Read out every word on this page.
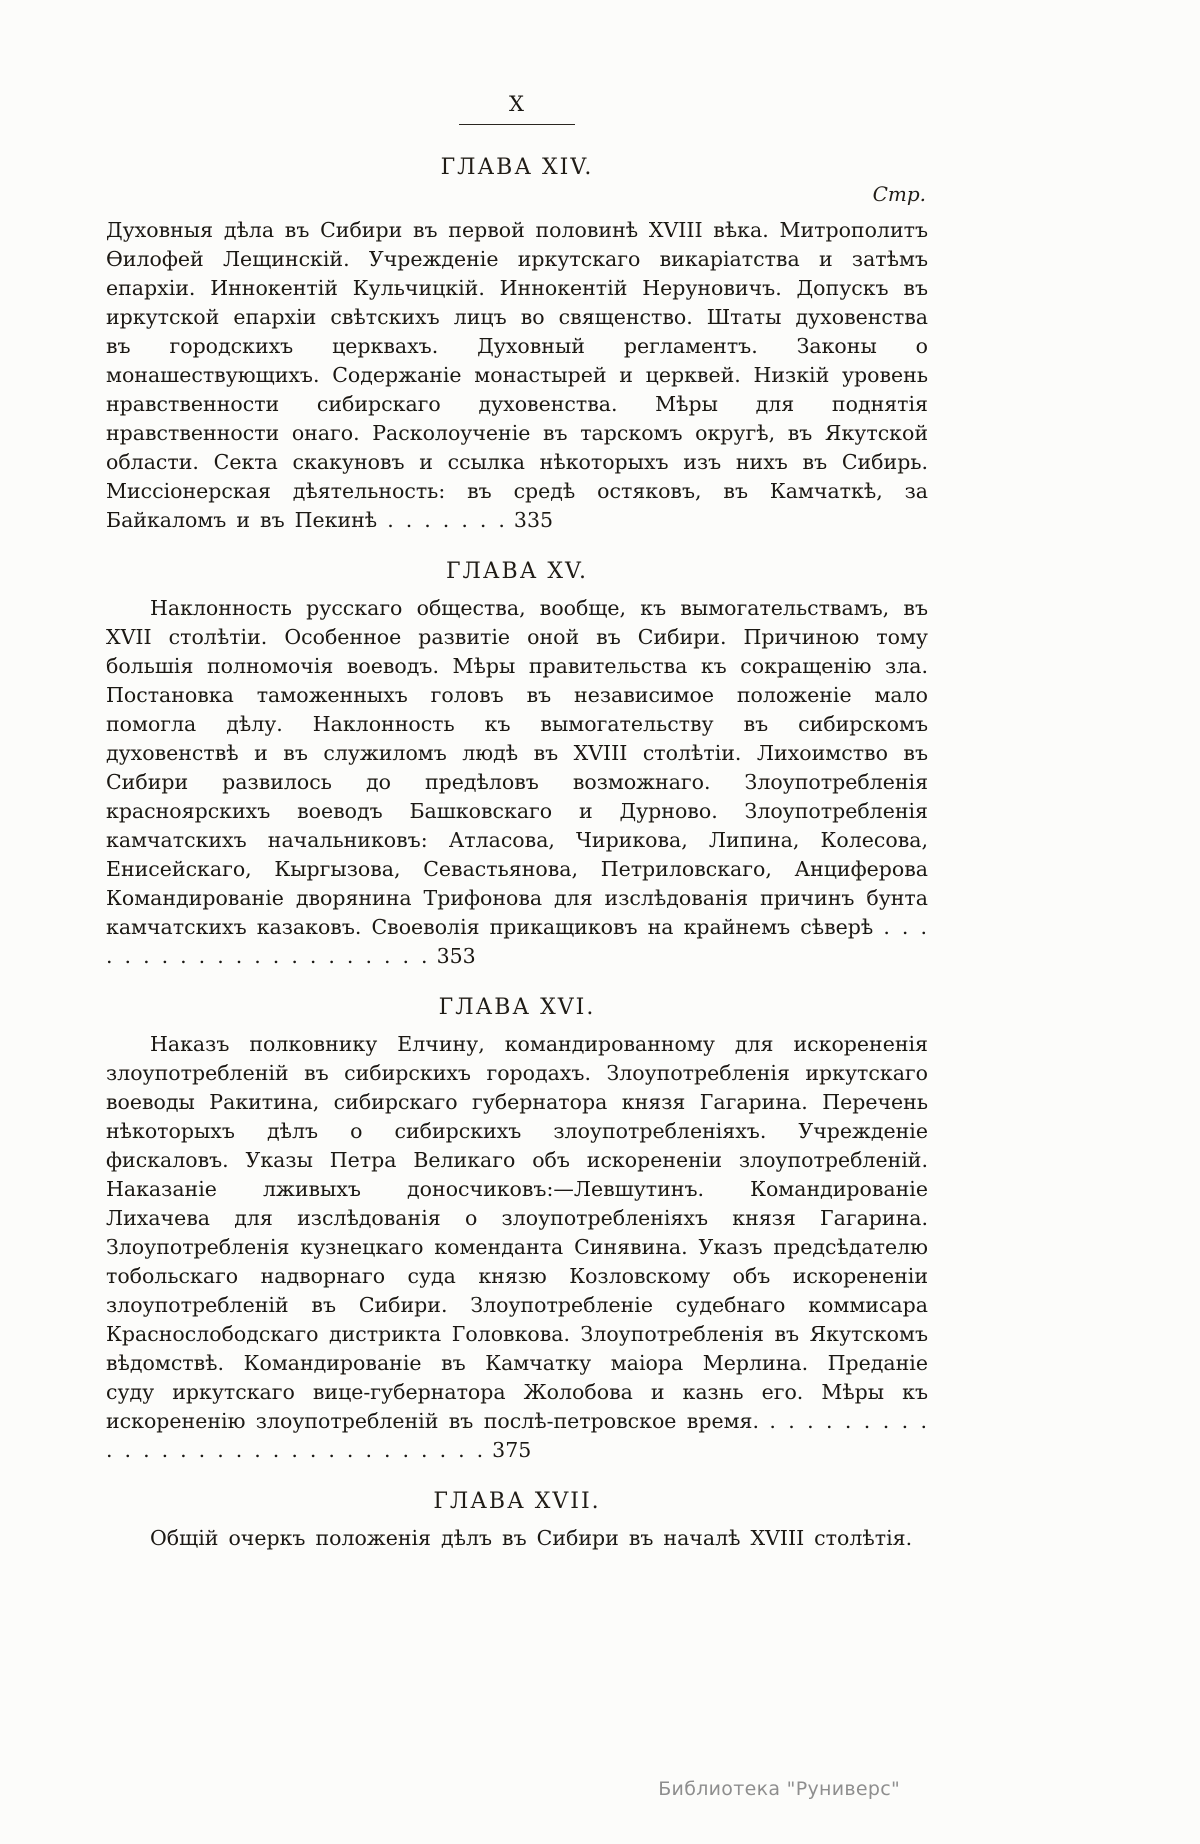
X
ГЛАВА XIV.
Стр.

Духовныя дѣла въ Сибири въ первой половинѣ XVIII вѣка. Митрополитъ Ѳилофей Лещинскій. Учрежденіе иркутскаго викаріатства и затѣмъ епархіи. Иннокентій Кульчицкій. Иннокентій Неруновичъ. Допускъ въ иркутской епархіи свѣтскихъ лицъ во священство. Штаты духовенства въ городскихъ церквахъ. Духовный регламентъ. Законы о монашествующихъ. Содержаніе монастырей и церквей. Низкій уровень нравственности сибирскаго духовенства. Мѣры для поднятія нравственности онаго. Расколоученіе въ тарскомъ округѣ, въ Якутской области. Секта скакуновъ и ссылка нѣкоторыхъ изъ нихъ въ Сибирь. Миссіонерская дѣятельность: въ средѣ остяковъ, въ Камчаткѣ, за Байкаломъ и въ Пекинѣ . . . . . . . 335

ГЛАВА XV.

Наклонность русскаго общества, вообще, къ вымогательствамъ, въ XVII столѣтіи. Особенное развитіе оной въ Сибири. Причиною тому большія полномочія воеводъ. Мѣры правительства къ сокращенію зла. Постановка таможенныхъ головъ въ независимое положеніе мало помогла дѣлу. Наклонность къ вымогательству въ сибирскомъ духовенствѣ и въ служиломъ людѣ въ XVIII столѣтіи. Лихоимство въ Сибири развилось до предѣловъ возможнаго. Злоупотребленія красноярскихъ воеводъ Башковскаго и Дурново. Злоупотребленія камчатскихъ начальниковъ: Атласова, Чирикова, Липина, Колесова, Енисейскаго, Кыргызова, Севастьянова, Петриловскаго, Анциферова Командированіе дворянина Трифонова для изслѣдованія причинъ бунта камчатскихъ казаковъ. Своеволія прикащиковъ на крайнемъ сѣверѣ . . . . . . . . . . . . . . . . . . . . . 353

ГЛАВА XVI.

Наказъ полковнику Елчину, командированному для искорененія злоупотребленій въ сибирскихъ городахъ. Злоупотребленія иркутскаго воеводы Ракитина, сибирскаго губернатора князя Гагарина. Перечень нѣкоторыхъ дѣлъ о сибирскихъ злоупотребленіяхъ. Учрежденіе фискаловъ. Указы Петра Великаго объ искорененіи злоупотребленій. Наказаніе лживыхъ доносчиковъ:—Левшутинъ. Командированіе Лихачева для изслѣдованія о злоупотребленіяхъ князя Гагарина. Злоупотребленія кузнецкаго коменданта Синявина. Указъ предсѣдателю тобольскаго надворнаго суда князю Козловскому объ искорененіи злоупотребленій въ Сибири. Злоупотребленіе судебнаго коммисара Краснослободскаго дистрикта Головкова. Злоупотребленія въ Якутскомъ вѣдомствѣ. Командированіе въ Камчатку маіора Мерлина. Преданіе суду иркутскаго вице-губернатора Жолобова и казнь его. Мѣры къ искорененію злоупотребленій въ послѣ-петровское время. . . . . . . . . . . . . . . . . . . . . . . . . . . . . . . 375

ГЛАВА XVII.

Общій очеркъ положенія дѣлъ въ Сибири въ началѣ XVIII столѣтія.

Библиотека "Руниверс"
